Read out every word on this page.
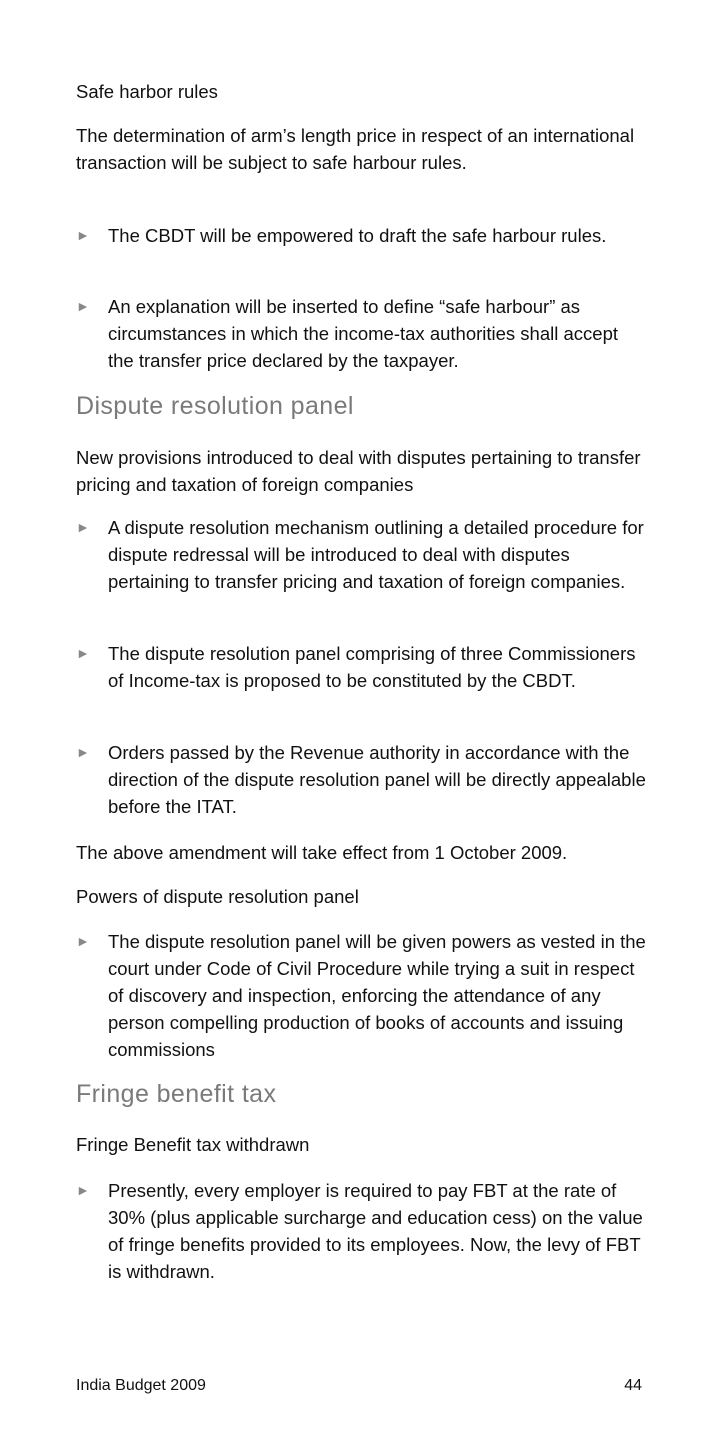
Safe harbor rules
The determination of arm’s length price in respect of an international transaction will be subject to safe harbour rules.
► The CBDT will be empowered to draft the safe harbour rules.
► An explanation will be inserted to define “safe harbour” as circumstances in which the income-tax authorities shall accept the transfer price declared by the taxpayer.
Dispute resolution panel
New provisions introduced to deal with disputes pertaining to transfer pricing and taxation of foreign companies
► A dispute resolution mechanism outlining a detailed procedure for dispute redressal will be introduced to deal with disputes pertaining to transfer pricing and taxation of foreign companies.
► The dispute resolution panel comprising of three Commissioners of Income-tax is proposed to be constituted by the CBDT.
► Orders passed by the Revenue authority in accordance with the direction of the dispute resolution panel will be directly appealable before the ITAT.
The above amendment will take effect from 1 October 2009.
Powers of dispute resolution panel
► The dispute resolution panel will be given powers as vested in the court under Code of Civil Procedure while trying a suit in respect of discovery and inspection, enforcing the attendance of any person compelling production of books of accounts and issuing commissions
Fringe benefit tax
Fringe Benefit tax withdrawn
► Presently, every employer is required to pay FBT at the rate of 30% (plus applicable surcharge and education cess) on the value of fringe benefits provided to its employees. Now, the levy of FBT is withdrawn.
India Budget 2009	44
